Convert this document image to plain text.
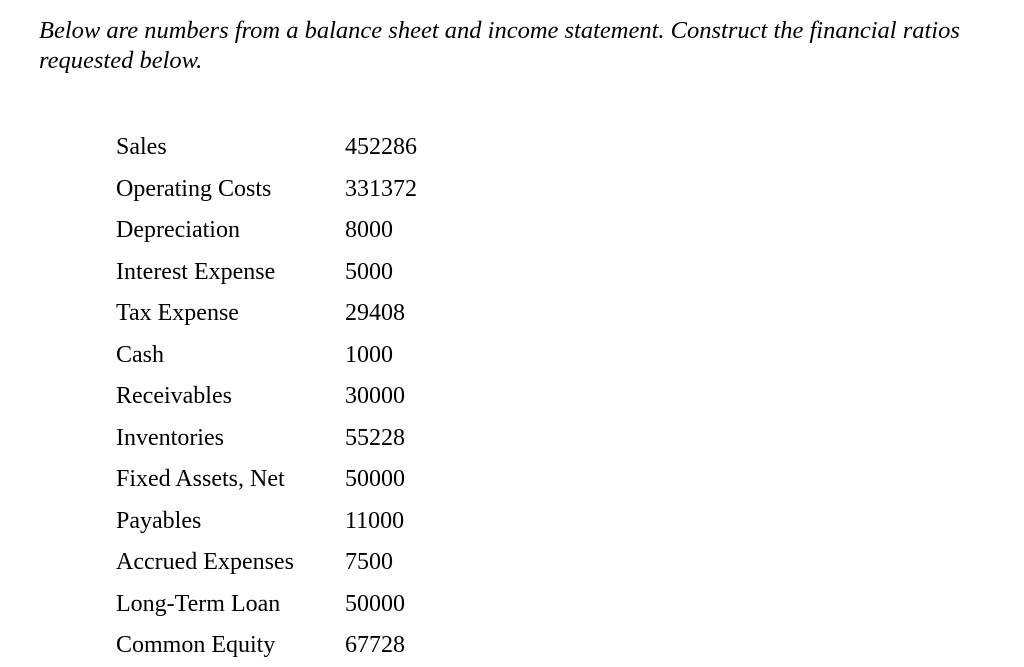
Below are numbers from a balance sheet and income statement. Construct the financial ratios
requested below.

Sales	452286
Operating Costs	331372
Depreciation	8000
Interest Expense	5000
Tax Expense	29408
Cash	1000
Receivables	30000
Inventories	55228
Fixed Assets, Net	50000
Payables	11000
Accrued Expenses	7500
Long-Term Loan	50000
Common Equity	67728
